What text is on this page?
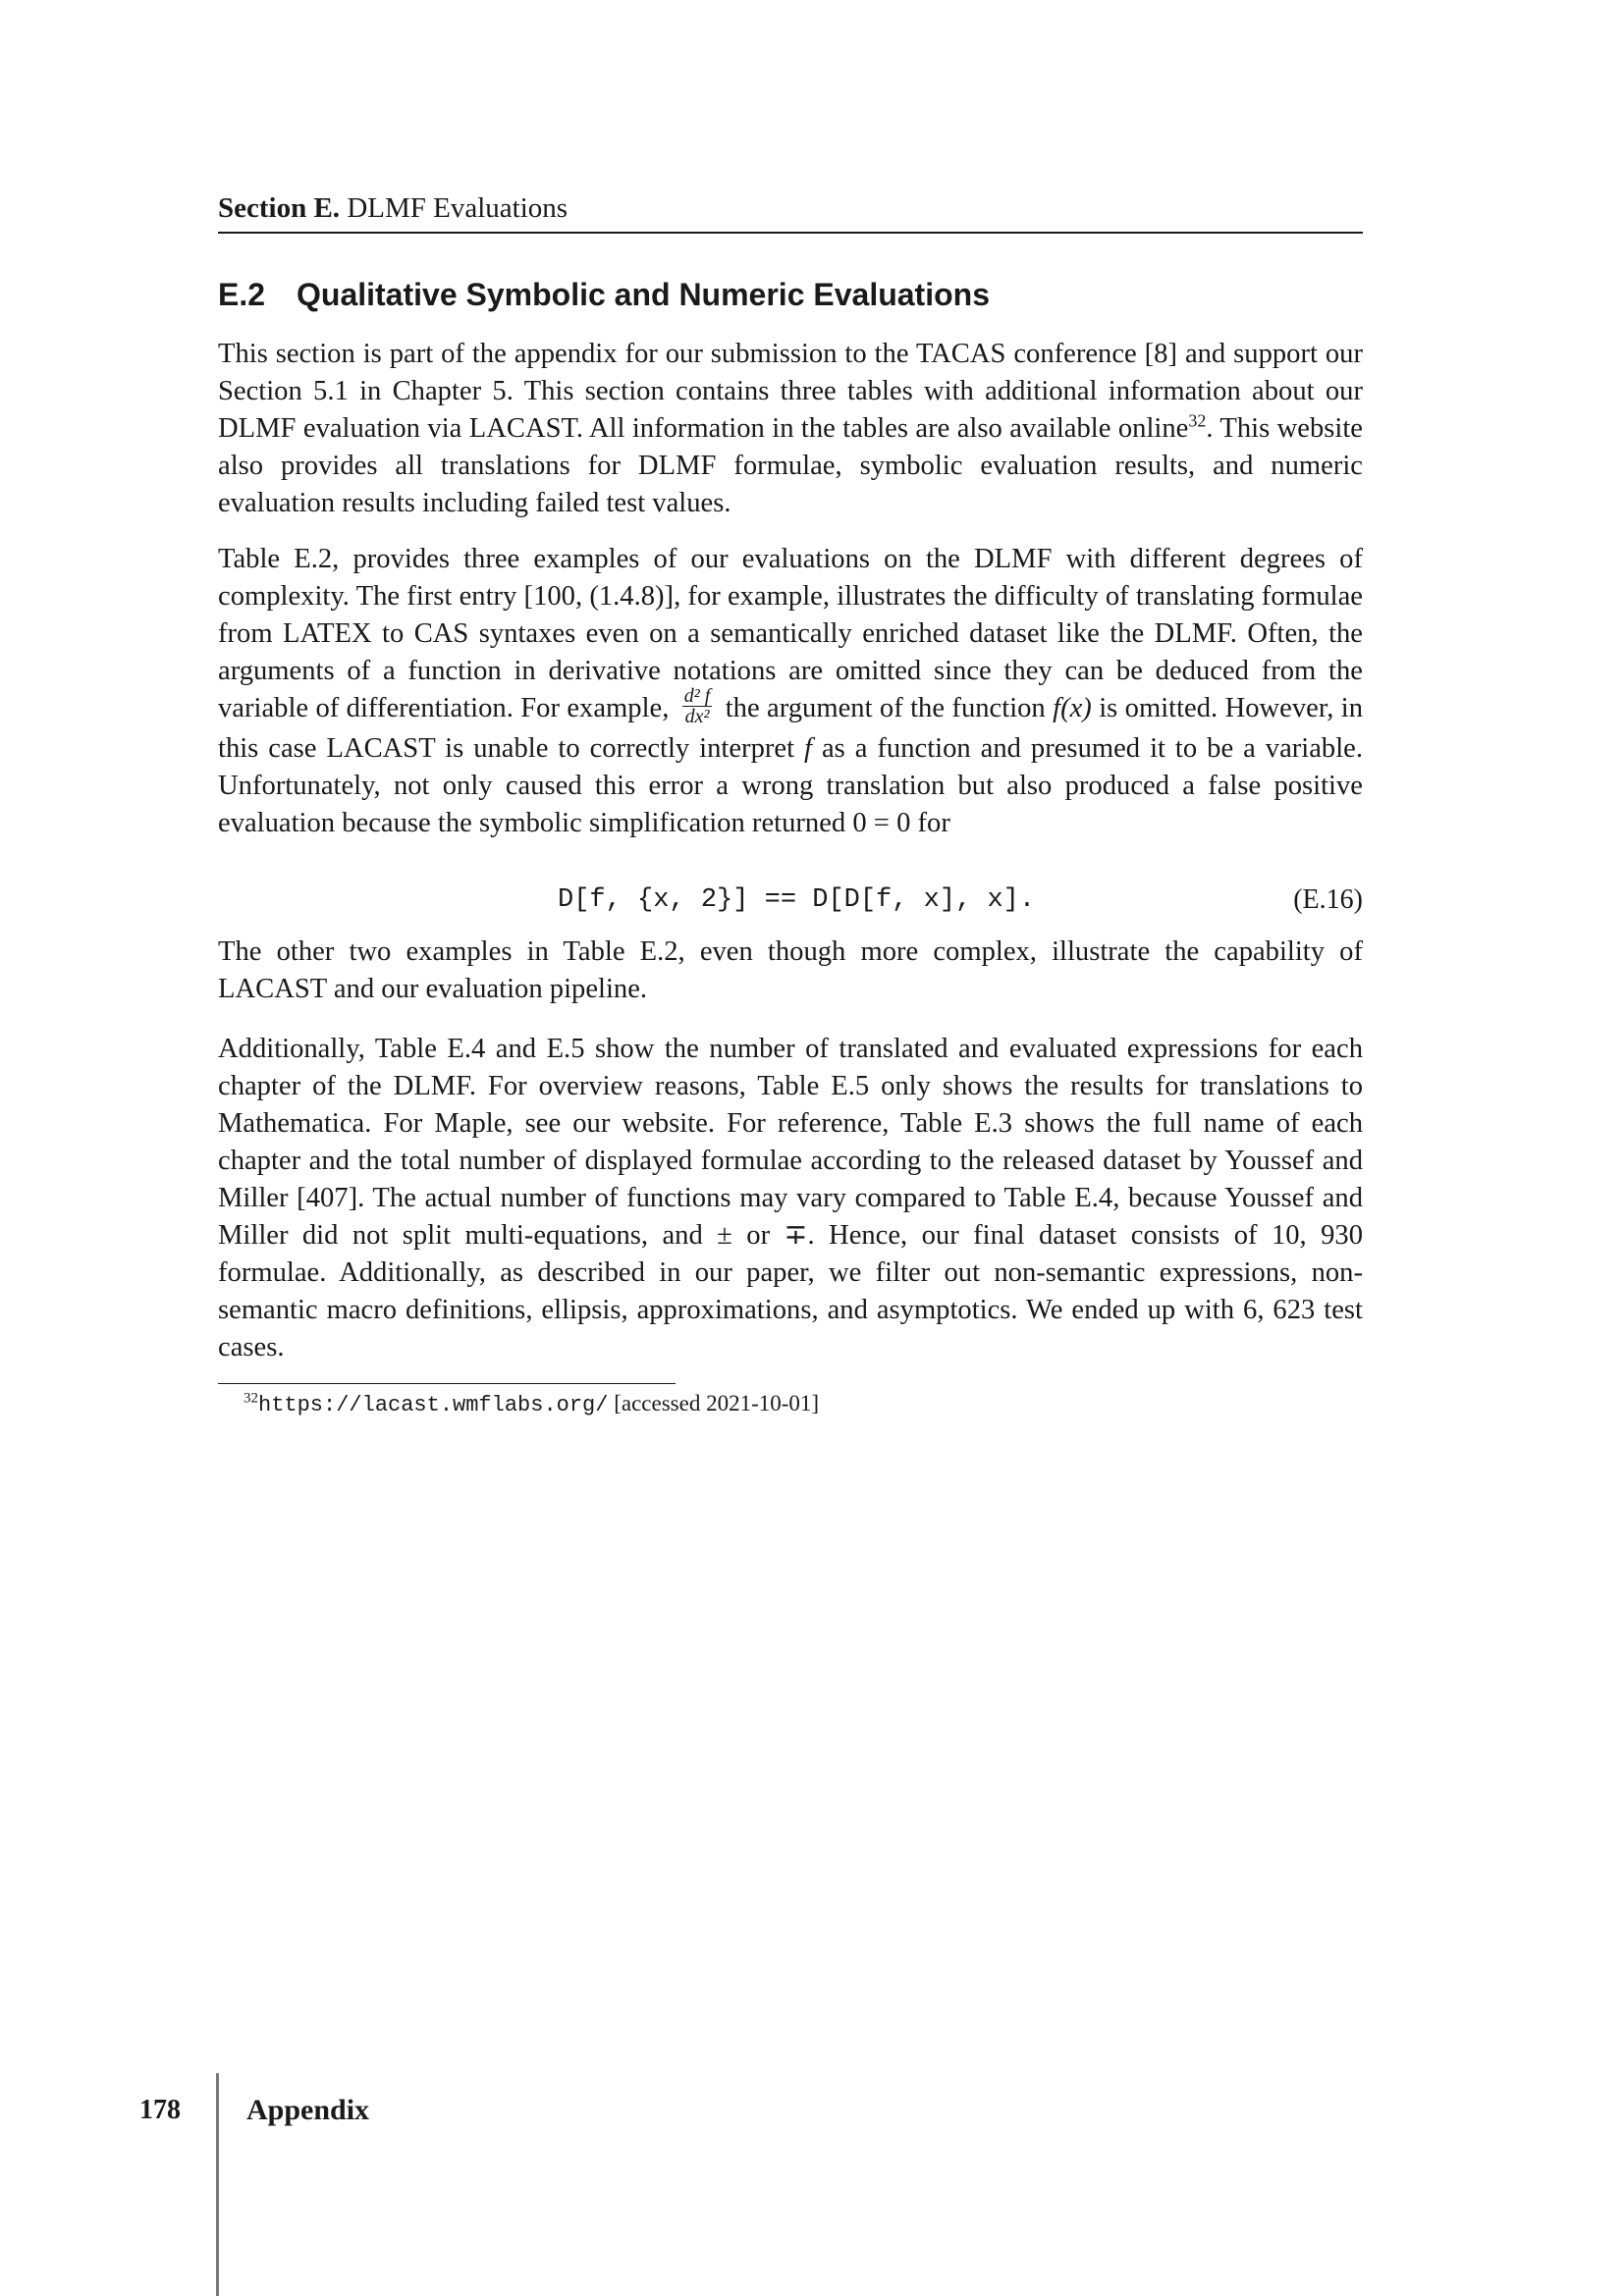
Section E. DLMF Evaluations
E.2 Qualitative Symbolic and Numeric Evaluations
This section is part of the appendix for our submission to the TACAS conference [8] and support our Section 5.1 in Chapter 5. This section contains three tables with additional information about our DLMF evaluation via LACAST. All information in the tables are also available online$^{32}$. This website also provides all translations for DLMF formulae, symbolic evaluation results, and numeric evaluation results including failed test values.
Table E.2, provides three examples of our evaluations on the DLMF with different degrees of complexity. The first entry [100, (1.4.8)], for example, illustrates the difficulty of translating formulae from LATEX to CAS syntaxes even on a semantically enriched dataset like the DLMF. Often, the arguments of a function in derivative notations are omitted since they can be deduced from the variable of differentiation. For example, $\frac{\text{d² f}}{\text{dx²}}$ the argument of the function f(x) is omitted. However, in this case LACAST is unable to correctly interpret f as a function and presumed it to be a variable. Unfortunately, not only caused this error a wrong translation but also produced a false positive evaluation because the symbolic simplification returned 0 = 0 for
D[f, {x, 2}] == D[D[f, x], x].	(E.16)
The other two examples in Table E.2, even though more complex, illustrate the capability of LACAST and our evaluation pipeline.
Additionally, Table E.4 and E.5 show the number of translated and evaluated expressions for each chapter of the DLMF. For overview reasons, Table E.5 only shows the results for translations to Mathematica. For Maple, see our website. For reference, Table E.3 shows the full name of each chapter and the total number of displayed formulae according to the released dataset by Youssef and Miller [407]. The actual number of functions may vary compared to Table E.4, because Youssef and Miller did not split multi-equations, and ± or ∓. Hence, our final dataset consists of 10, 930 formulae. Additionally, as described in our paper, we filter out non-semantic expressions, non-semantic macro definitions, ellipsis, approximations, and asymptotics. We ended up with 6, 623 test cases.
$^{32}$https://lacast.wmflabs.org/ [accessed 2021-10-01]
178 Appendix
